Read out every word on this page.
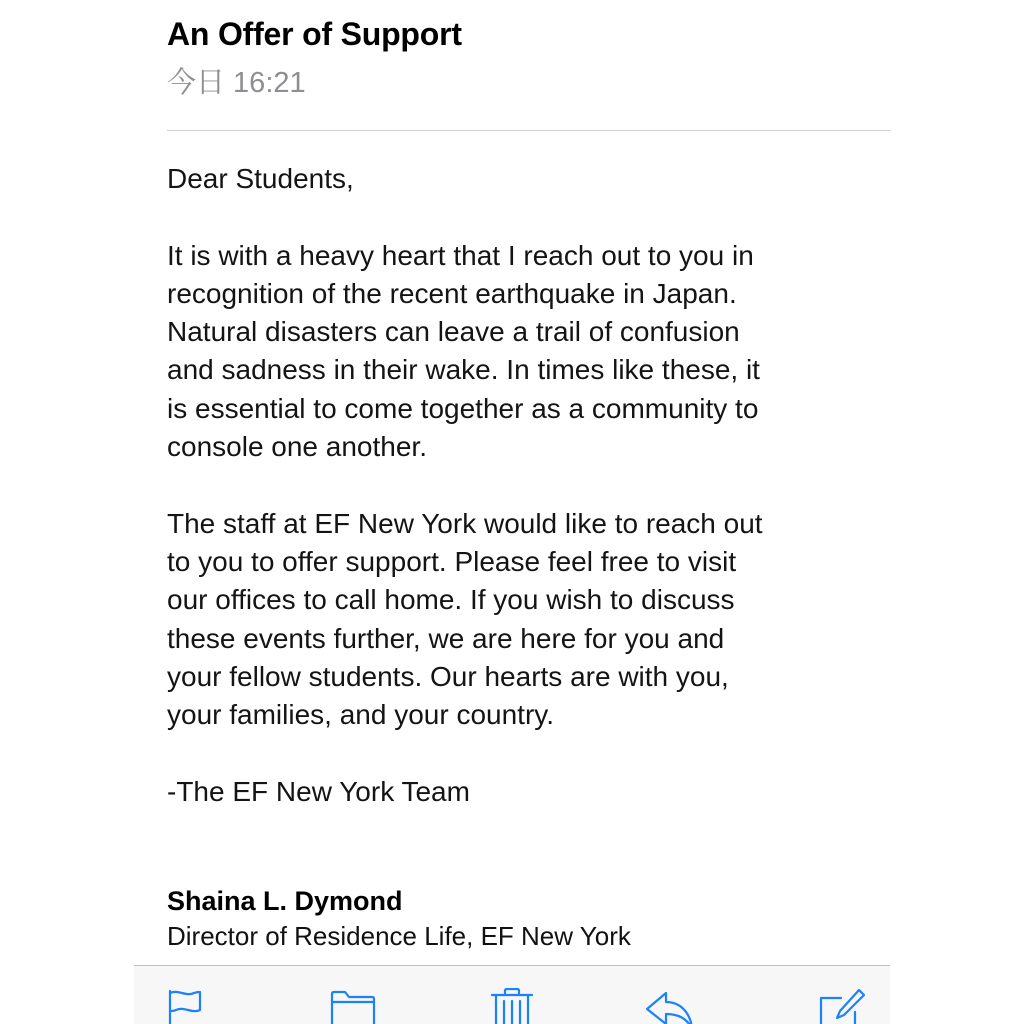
An Offer of Support
今日 16:21

Dear Students,

It is with a heavy heart that I reach out to you in

recognition of the recent earthquake in Japan.

Natural disasters can leave a trail of confusion

and sadness in their wake. In times like these, it

is essential to come together as a community to

console one another.

The staff at EF New York would like to reach out

to you to offer support. Please feel free to visit

our offices to call home. If you wish to discuss

these events further, we are here for you and

your fellow students. Our hearts are with you,

your families, and your country.

-The EF New York Team

Shaina L. Dymond
Director of Residence Life, EF New York
